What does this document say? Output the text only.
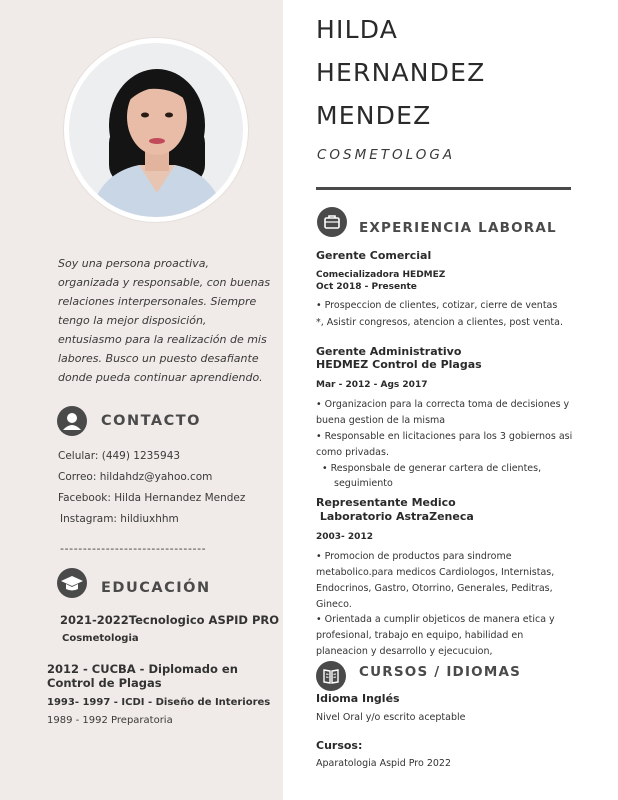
Soy una persona proactiva, organizada y responsable, con buenas relaciones interpersonales. Siempre tengo la mejor disposición, entusiasmo para la realización de mis labores. Busco un puesto desafiante donde pueda continuar aprendiendo.

CONTACTO
Celular: (449) 1235943
Correo: hildahdz@yahoo.com
Facebook: Hilda Hernandez Mendez
Instagram: hildiuxhhm
--------------------------------
EDUCACIÓN
2021-2022Tecnologico ASPID PRO
Cosmetologia
2012 - CUCBA - Diplomado en
Control de Plagas
1993- 1997 - ICDI - Diseño de Interiores
1989 - 1992 Preparatoria
HILDA
HERNANDEZ
MENDEZ
COSMETOLOGA
EXPERIENCIA LABORAL
Gerente Comercial
Comecializadora HEDMEZ
Oct 2018 - Presente
• Prospeccion de clientes, cotizar, cierre de ventas
*, Asistir congresos, atencion a clientes, post venta.
Gerente Administrativo
HEDMEZ Control de Plagas
Mar - 2012 - Ags 2017
• Organizacion para la correcta toma de decisiones y
buena gestion de la misma
• Responsable en licitaciones para los 3 gobiernos asi
como privadas.
• Responsbale de generar cartera de clientes,
seguimiento
Representante Medico
Laboratorio AstraZeneca
2003- 2012
• Promocion de productos para sindrome
metabolico.para medicos Cardiologos, Internistas,
Endocrinos, Gastro, Otorrino, Generales, Peditras,
Gineco.
• Orientada a cumplir objeticos de manera etica y
profesional, trabajo en equipo, habilidad en
planeacion y desarrollo y ejecucuion,
CURSOS / IDIOMAS
Idioma Inglés
Nivel Oral y/o escrito aceptable
Cursos:
Aparatologia Aspid Pro 2022
